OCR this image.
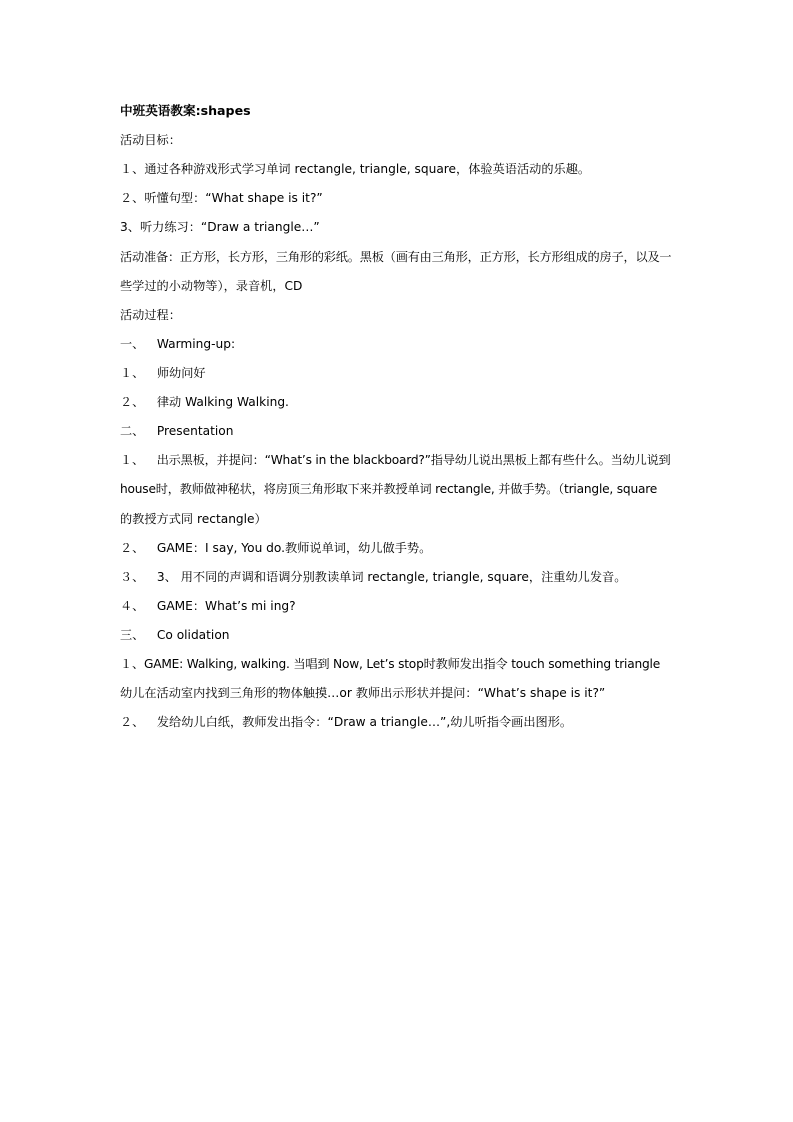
中班英语教案:shapes
活动目标：
１、通过各种游戏形式学习单词 rectangle, triangle, square，体验英语活动的乐趣。
２、听懂句型：“What shape is it?”
3、听力练习：“Draw a triangle…”
活动准备：正方形，长方形，三角形的彩纸。黑板（画有由三角形，正方形，长方形组成的房子，以及一
些学过的小动物等），录音机，CD
活动过程：
一、 Warming-up:
１、 师幼问好
２、 律动 Walking Walking.
二、 Presentation
１、 出示黑板，并提问：“What’s in the blackboard?”指导幼儿说出黑板上都有些什么。当幼儿说到
house时，教师做神秘状，将房顶三角形取下来并教授单词 rectangle, 并做手势。（triangle, square
的教授方式同 rectangle）
２、 GAME：I say, You do.教师说单词，幼儿做手势。
３、 3、 用不同的声调和语调分别教读单词 rectangle, triangle, square，注重幼儿发音。
４、 GAME：What’s mi ing?
三、 Co olidation
１、GAME: Walking, walking. 当唱到 Now, Let’s stop时教师发出指令 touch something triangle
幼儿在活动室内找到三角形的物体触摸…or 教师出示形状并提问：“What’s shape is it?”
２、 发给幼儿白纸，教师发出指令：“Draw a triangle…”,幼儿听指令画出图形。
